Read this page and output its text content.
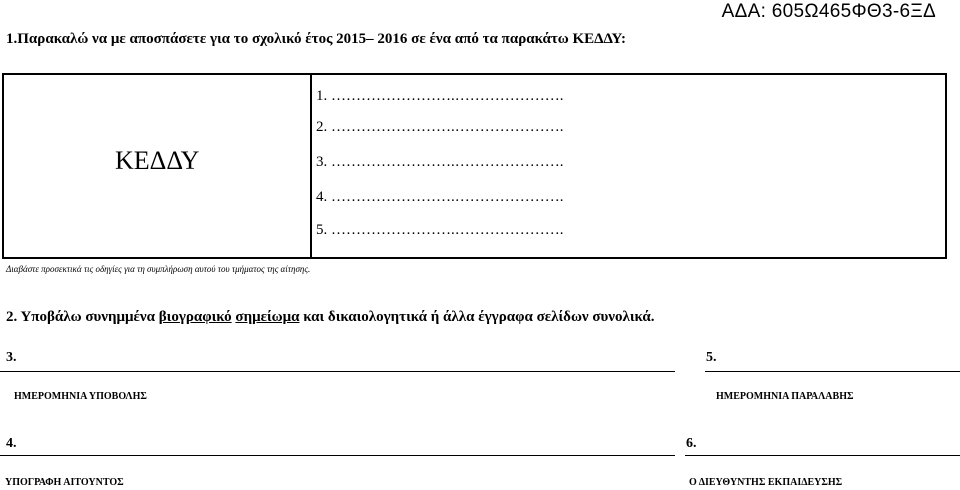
ΑΔΑ: 605Ω465ΦΘ3-6ΞΔ
1.Παρακαλώ να με αποσπάσετε για το σχολικό έτος 2015– 2016 σε ένα από τα παρακάτω ΚΕΔΔΥ:
ΚΕΔΔΥ
1. …………………….………………….
2. …………………….………………….
3. …………………….………………….
4. …………………….………………….
5. …………………….………………….
Διαβάστε προσεκτικά τις οδηγίες για τη συμπλήρωση αυτού του τμήματος της αίτησης.
2. Υποβάλω συνημμένα βιογραφικό σημείωμα και δικαιολογητικά ή άλλα έγγραφα σελίδων συνολικά.
3.	5.
ΗΜΕΡΟΜΗΝΙΑ ΥΠΟΒΟΛΗΣ	ΗΜΕΡΟΜΗΝΙΑ ΠΑΡΑΛΑΒΗΣ
4.	6.
ΥΠΟΓΡΑΦΗ ΑΙΤΟΥΝΤΟΣ	Ο ΔΙΕΥΘΥΝΤΗΣ ΕΚΠΑΙΔΕΥΣΗΣ
